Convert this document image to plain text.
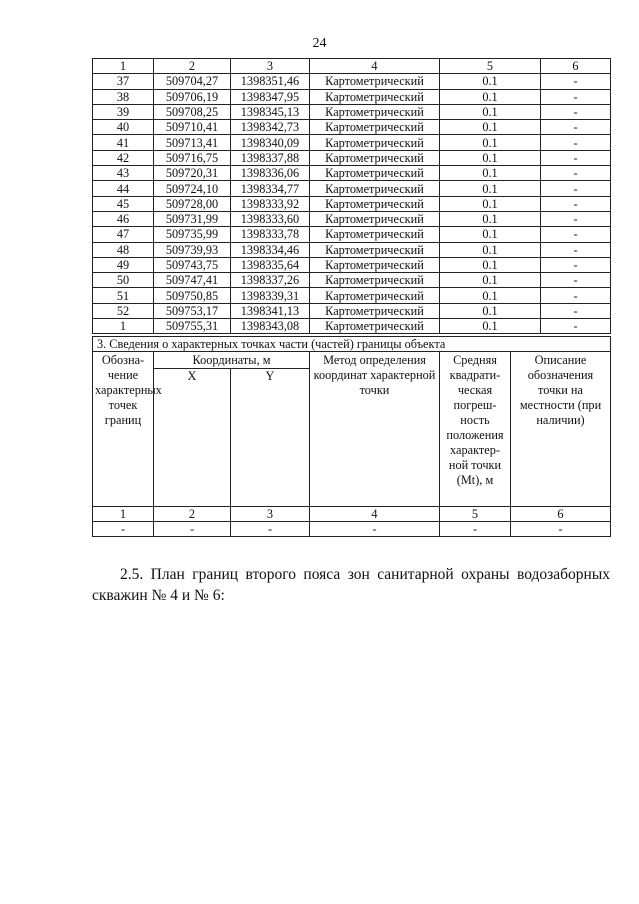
24
1	2	3	4	5	6
37	509704,27	1398351,46	Картометрический	0.1	-
38	509706,19	1398347,95	Картометрический	0.1	-
39	509708,25	1398345,13	Картометрический	0.1	-
40	509710,41	1398342,73	Картометрический	0.1	-
41	509713,41	1398340,09	Картометрический	0.1	-
42	509716,75	1398337,88	Картометрический	0.1	-
43	509720,31	1398336,06	Картометрический	0.1	-
44	509724,10	1398334,77	Картометрический	0.1	-
45	509728,00	1398333,92	Картометрический	0.1	-
46	509731,99	1398333,60	Картометрический	0.1	-
47	509735,99	1398333,78	Картометрический	0.1	-
48	509739,93	1398334,46	Картометрический	0.1	-
49	509743,75	1398335,64	Картометрический	0.1	-
50	509747,41	1398337,26	Картометрический	0.1	-
51	509750,85	1398339,31	Картометрический	0.1	-
52	509753,17	1398341,13	Картометрический	0.1	-
1	509755,31	1398343,08	Картометрический	0.1	-
3. Сведения о характерных точках части (частей) границы объекта					
Обозна-чение характерных точек границ	Координаты, м		Метод определения координат характерной точки	Средняя квадрати-ческая погреш-ность положения характер-ной точки (Мt), м	Описание обозначения точки на местности (при наличии)
	X	Y			
1	2	3	4	5	6
-	-	-	-	-	-

2.5. План границ второго пояса зон санитарной охраны водозаборных скважин № 4 и № 6:
